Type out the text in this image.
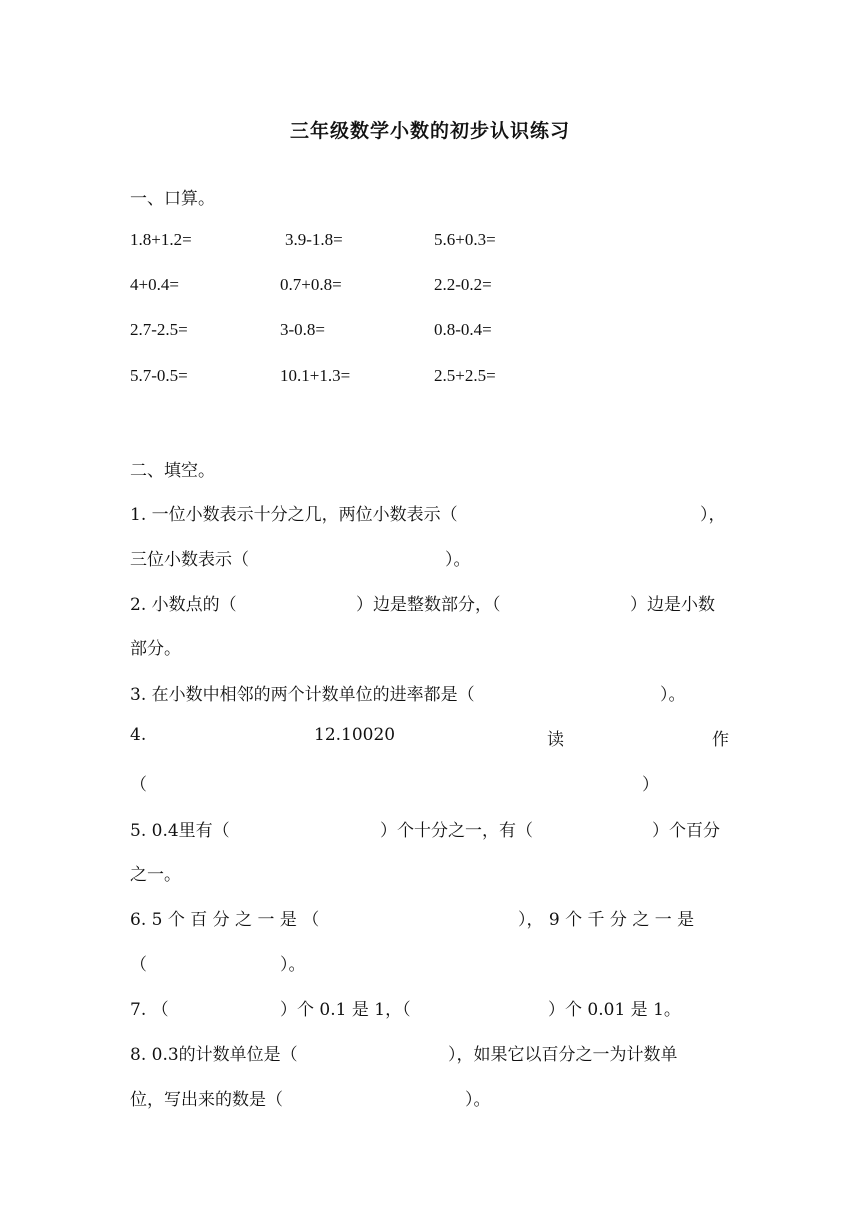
三年级数学小数的初步认识练习
一、口算。
1.8+1.2=	3.9-1.8=	5.6+0.3=
4+0.4=	0.7+0.8=	2.2-0.2=
2.7-2.5=	3-0.8=	0.8-0.4=
5.7-0.5=	10.1+1.3=	2.5+2.5=
二、填空。
1. 一位小数表示十分之几，两位小数表示（	），
三位小数表示（	）。
2. 小数点的（	）边是整数部分，（	）边是小数
部分。
3. 在小数中相邻的两个计数单位的进率都是（	）。
4.	12.10020	读	作
（	）
5. 0.4里有（	）个十分之一，有（	）个百分
之一。
6. 5 个 百 分 之 一 是 （	）， 9 个 千 分 之 一 是
（	）。
7. （	）个 0.1 是 1，（	）个 0.01 是 1。
8. 0.3的计数单位是（	），如果它以百分之一为计数单
位，写出来的数是（	）。
